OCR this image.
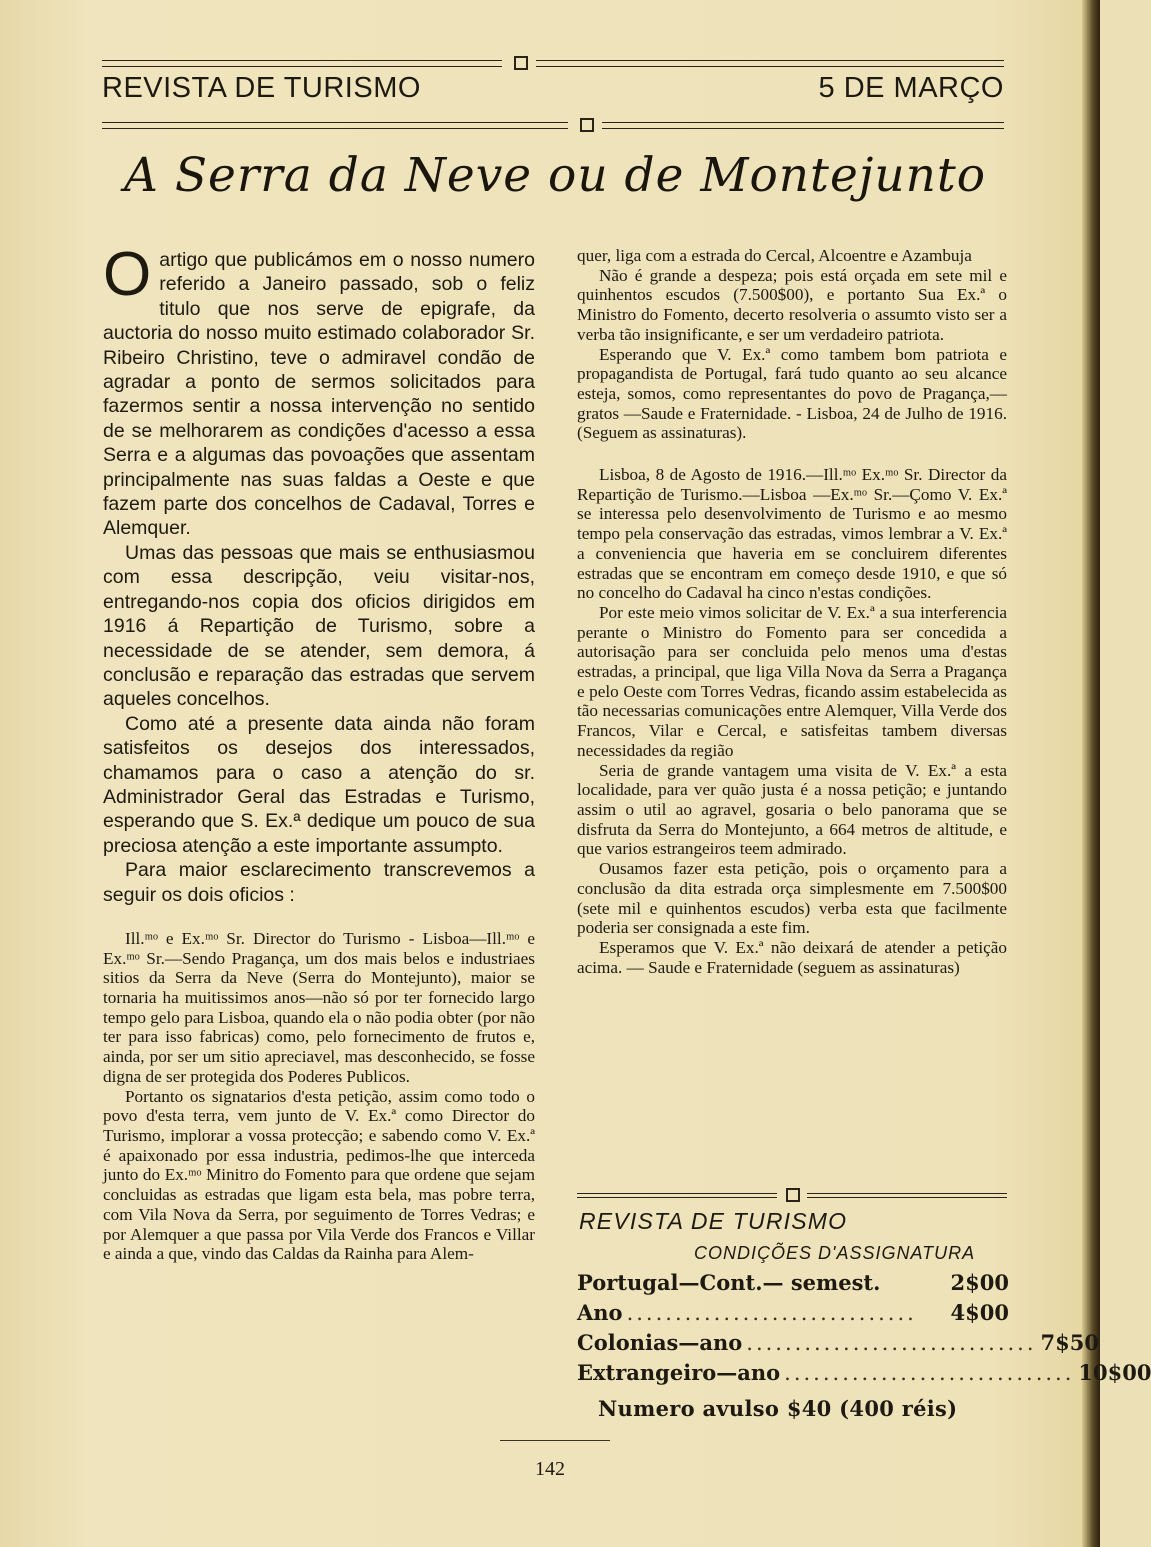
REVISTA DE TURISMO	5 DE MARÇO
A Serra da Neve ou de Montejunto
Oartigo que publicámos em o nosso numero referido a Janeiro passado, sob o feliz titulo que nos serve de epigrafe, da auctoria do nosso muito estimado colaborador Sr. Ribeiro Christino, teve o admiravel condão de agradar a ponto de sermos solicitados para fazermos sentir a nossa intervenção no sentido de se melhorarem as condições d'acesso a essa Serra e a algumas das povoações que assentam principalmente nas suas faldas a Oeste e que fazem parte dos concelhos de Cadaval, Torres e Alemquer.

Umas das pessoas que mais se enthusiasmou com essa descripção, veiu visitar-nos, entregando-nos copia dos oficios dirigidos em 1916 á Repartição de Turismo, sobre a necessidade de se atender, sem demora, á conclusão e reparação das estradas que servem aqueles concelhos.

Como até a presente data ainda não foram satisfeitos os desejos dos interessados, chamamos para o caso a atenção do sr. Administrador Geral das Estradas e Turismo, esperando que S. Ex.ª dedique um pouco de sua preciosa atenção a este importante assumpto.

Para maior esclarecimento transcrevemos a seguir os dois oficios :

Ill.ᵐᵒ e Ex.ᵐᵒ Sr. Director do Turismo - Lisboa—Ill.ᵐᵒ e Ex.ᵐᵒ Sr.—Sendo Pragança, um dos mais belos e industriaes sitios da Serra da Neve (Serra do Montejunto), maior se tornaria ha muitissimos anos—não só por ter fornecido largo tempo gelo para Lisboa, quando ela o não podia obter (por não ter para isso fabricas) como, pelo fornecimento de frutos e, ainda, por ser um sitio apreciavel, mas desconhecido, se fosse digna de ser protegida dos Poderes Publicos.

Portanto os signatarios d'esta petição, assim como todo o povo d'esta terra, vem junto de V. Ex.ª como Director do Turismo, implorar a vossa protecção; e sabendo como V. Ex.ª é apaixonado por essa industria, pedimos-lhe que interceda junto do Ex.ᵐᵒ Minitro do Fomento para que ordene que sejam concluidas as estradas que ligam esta bela, mas pobre terra, com Vila Nova da Serra, por seguimento de Torres Vedras; e por Alemquer a que passa por Vila Verde dos Francos e Villar e ainda a que, vindo das Caldas da Rainha para Alem-

quer, liga com a estrada do Cercal, Alcoentre e Azambuja

Não é grande a despeza; pois está orçada em sete mil e quinhentos escudos (7.500$00), e portanto Sua Ex.ª o Ministro do Fomento, decerto resolveria o assumto visto ser a verba tão insignificante, e ser um verdadeiro patriota.

Esperando que V. Ex.ª como tambem bom patriota e propagandista de Portugal, fará tudo quanto ao seu alcance esteja, somos, como representantes do povo de Pragança,—gratos —Saude e Fraternidade. - Lisboa, 24 de Julho de 1916. (Seguem as assinaturas).

Lisboa, 8 de Agosto de 1916.—Ill.ᵐᵒ Ex.ᵐᵒ Sr. Director da Repartição de Turismo.—Lisboa —Ex.ᵐᵒ Sr.—Çomo V. Ex.ª se interessa pelo desenvolvimento de Turismo e ao mesmo tempo pela conservação das estradas, vimos lembrar a V. Ex.ª a conveniencia que haveria em se concluirem diferentes estradas que se encontram em começo desde 1910, e que só no concelho do Cadaval ha cinco n'estas condições.

Por este meio vimos solicitar de V. Ex.ª a sua interferencia perante o Ministro do Fomento para ser concedida a autorisação para ser concluida pelo menos uma d'estas estradas, a principal, que liga Villa Nova da Serra a Pragança e pelo Oeste com Torres Vedras, ficando assim estabelecida as tão necessarias comunicações entre Alemquer, Villa Verde dos Francos, Vilar e Cercal, e satisfeitas tambem diversas necessidades da região

Seria de grande vantagem uma visita de V. Ex.ª a esta localidade, para ver quão justa é a nossa petição; e juntando assim o util ao agravel, gosaria o belo panorama que se disfruta da Serra do Montejunto, a 664 metros de altitude, e que varios estrangeiros teem admirado.

Ousamos fazer esta petição, pois o orçamento para a conclusão da dita estrada orça simplesmente em 7.500$00 (sete mil e quinhentos escudos) verba esta que facilmente poderia ser consignada a este fim.

Esperamos que V. Ex.ª não deixará de atender a petição acima. — Saude e Fraternidade (seguem as assinaturas)

REVISTA DE TURISMO
CONDIÇÕES D'ASSIGNATURA
Portugal—Cont.— semest.	2$00
Ano ..............................	4$00
Colonias—ano .............................. 7$50
Extrangeiro—ano .............................. 10$00
Numero avulso $40 (400 réis)
142
